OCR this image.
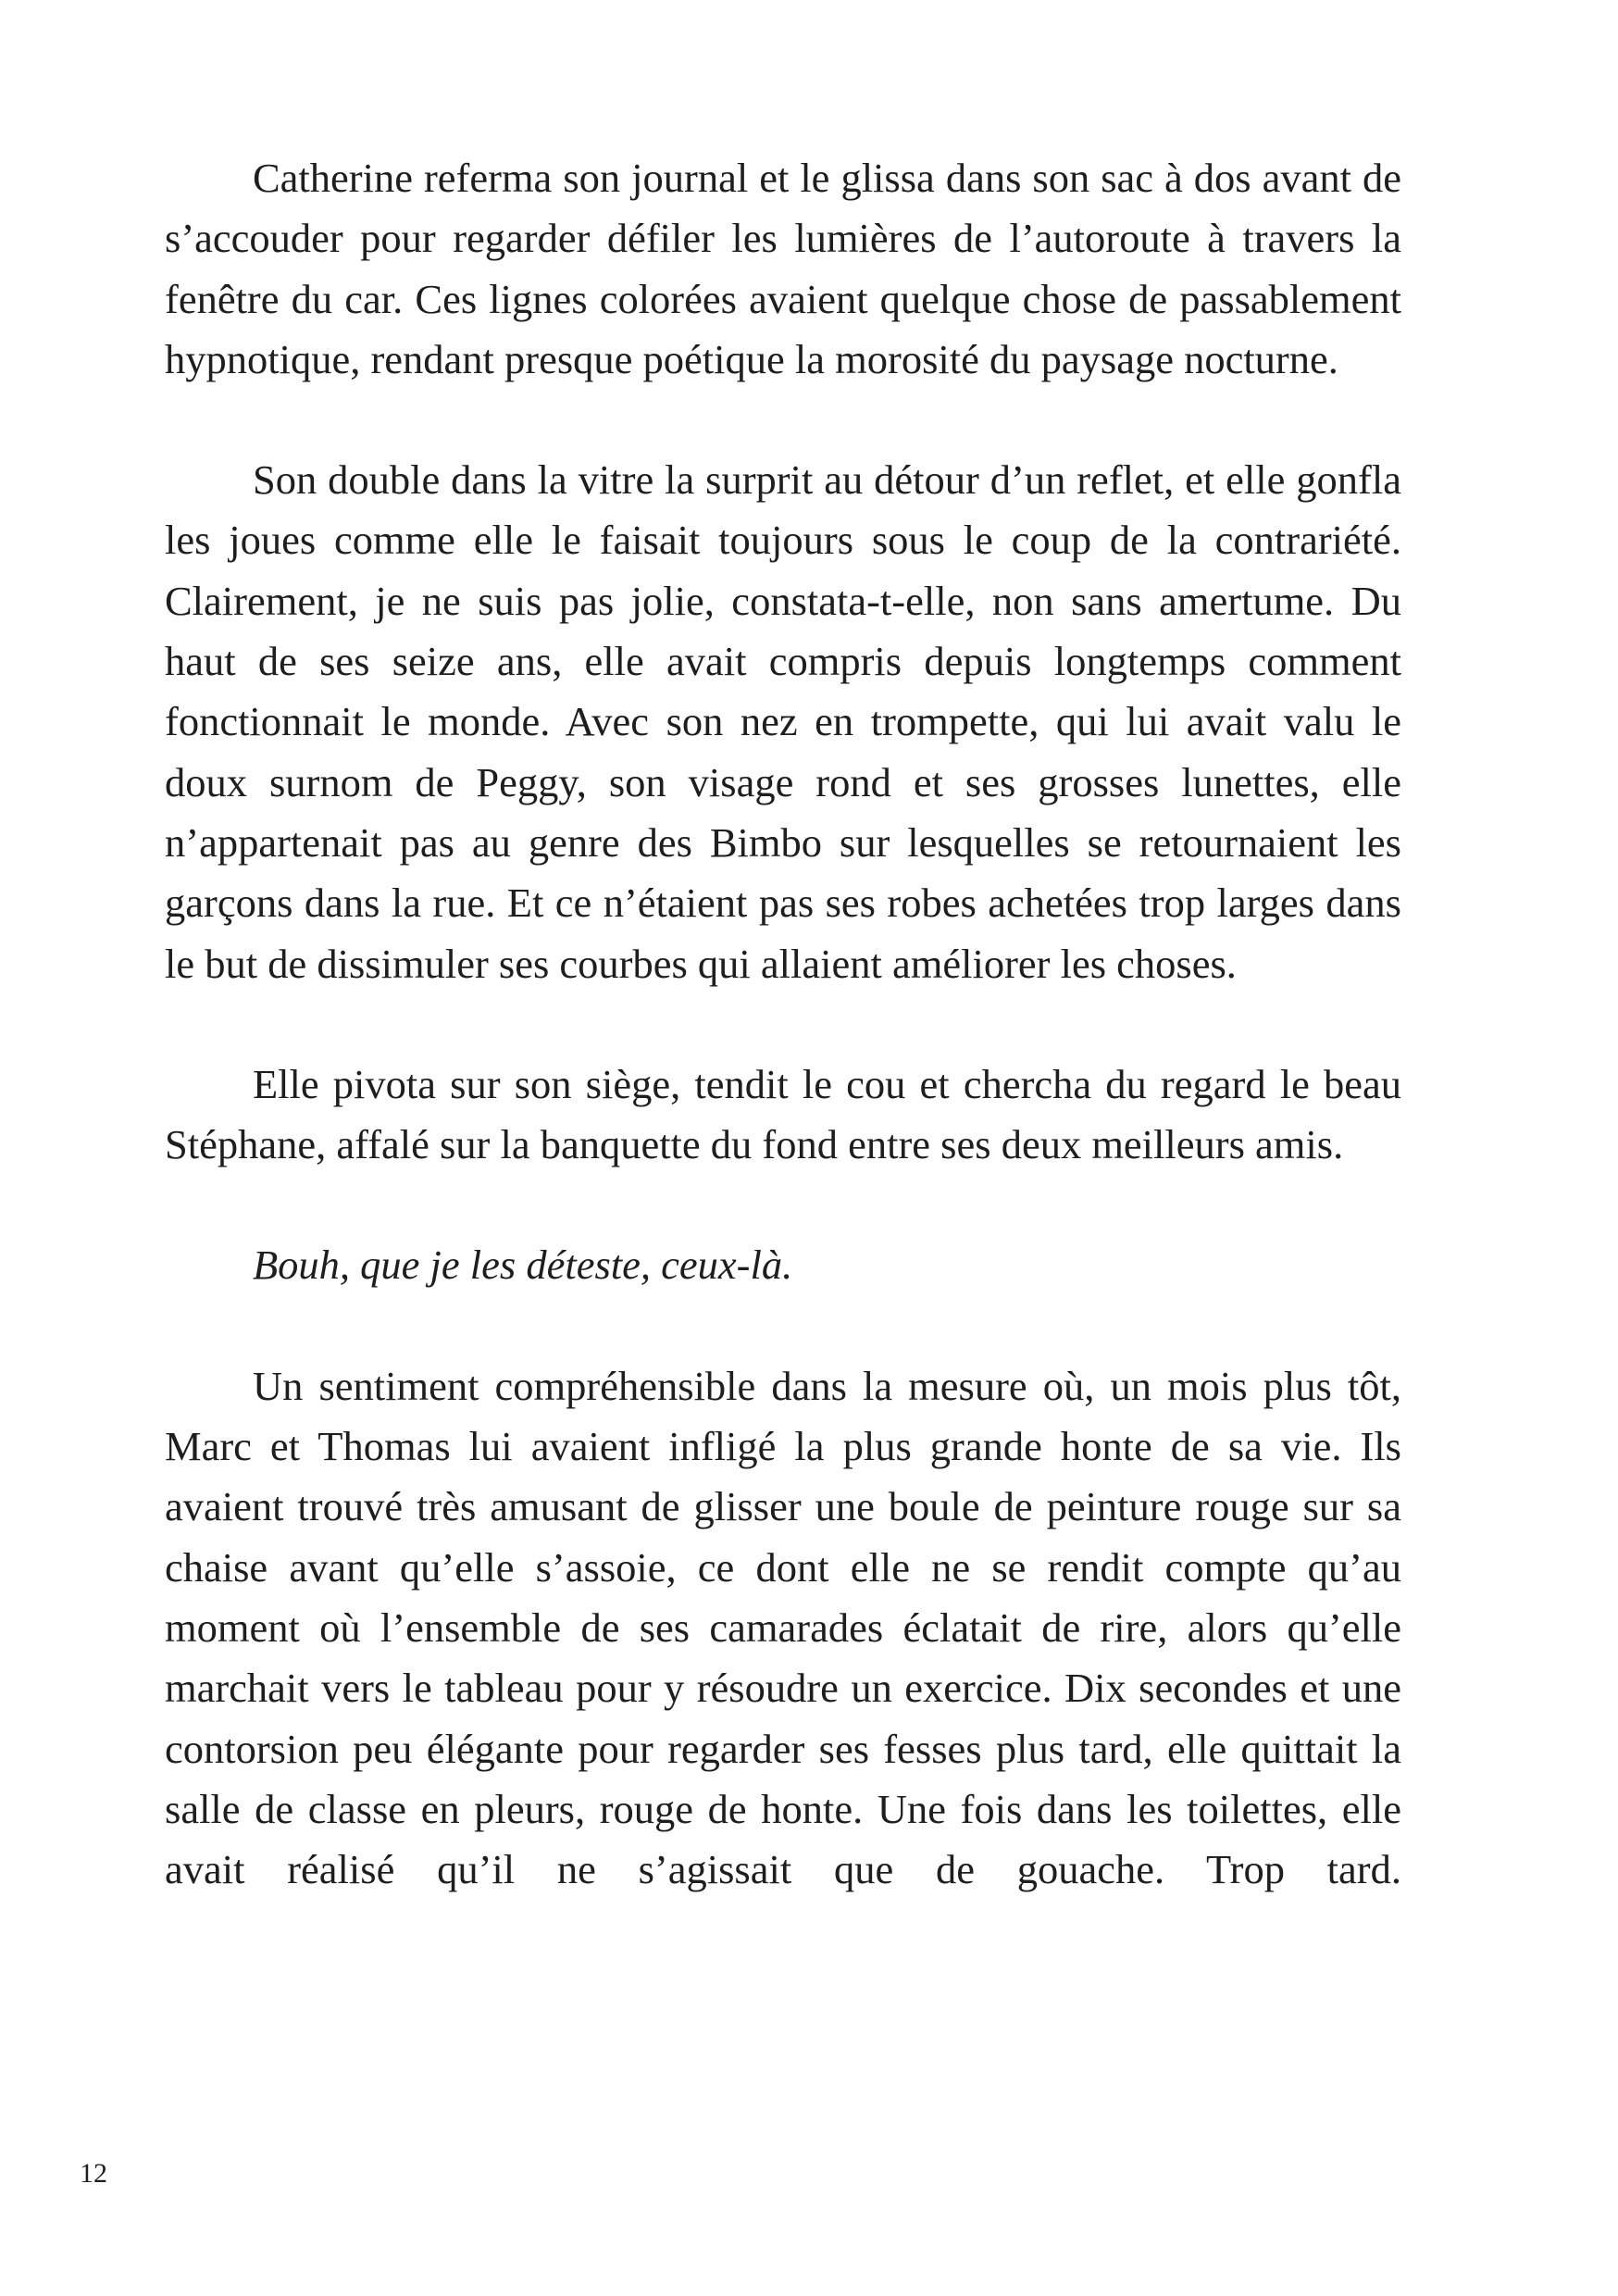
Catherine referma son journal et le glissa dans son sac à dos avant de s’accouder pour regarder défiler les lumières de l’autoroute à travers la fenêtre du car. Ces lignes colorées avaient quelque chose de passablement hypnotique, rendant presque poétique la morosité du paysage nocturne.

Son double dans la vitre la surprit au détour d’un reflet, et elle gonfla les joues comme elle le faisait toujours sous le coup de la contrariété. Clairement, je ne suis pas jolie, constata-t-elle, non sans amertume. Du haut de ses seize ans, elle avait compris depuis longtemps comment fonctionnait le monde. Avec son nez en trompette, qui lui avait valu le doux surnom de Peggy, son visage rond et ses grosses lunettes, elle n’appartenait pas au genre des Bimbo sur lesquelles se retournaient les garçons dans la rue. Et ce n’étaient pas ses robes achetées trop larges dans le but de dissimuler ses courbes qui allaient améliorer les choses.

Elle pivota sur son siège, tendit le cou et chercha du regard le beau Stéphane, affalé sur la banquette du fond entre ses deux meilleurs amis.

Bouh, que je les déteste, ceux-là.

Un sentiment compréhensible dans la mesure où, un mois plus tôt, Marc et Thomas lui avaient infligé la plus grande honte de sa vie. Ils avaient trouvé très amusant de glisser une boule de peinture rouge sur sa chaise avant qu’elle s’assoie, ce dont elle ne se rendit compte qu’au moment où l’ensemble de ses camarades éclatait de rire, alors qu’elle marchait vers le tableau pour y résoudre un exercice. Dix secondes et une contorsion peu élégante pour regarder ses fesses plus tard, elle quittait la salle de classe en pleurs, rouge de honte. Une fois dans les toilettes, elle avait réalisé qu’il ne s’agissait que de gouache. Trop tard.

12
